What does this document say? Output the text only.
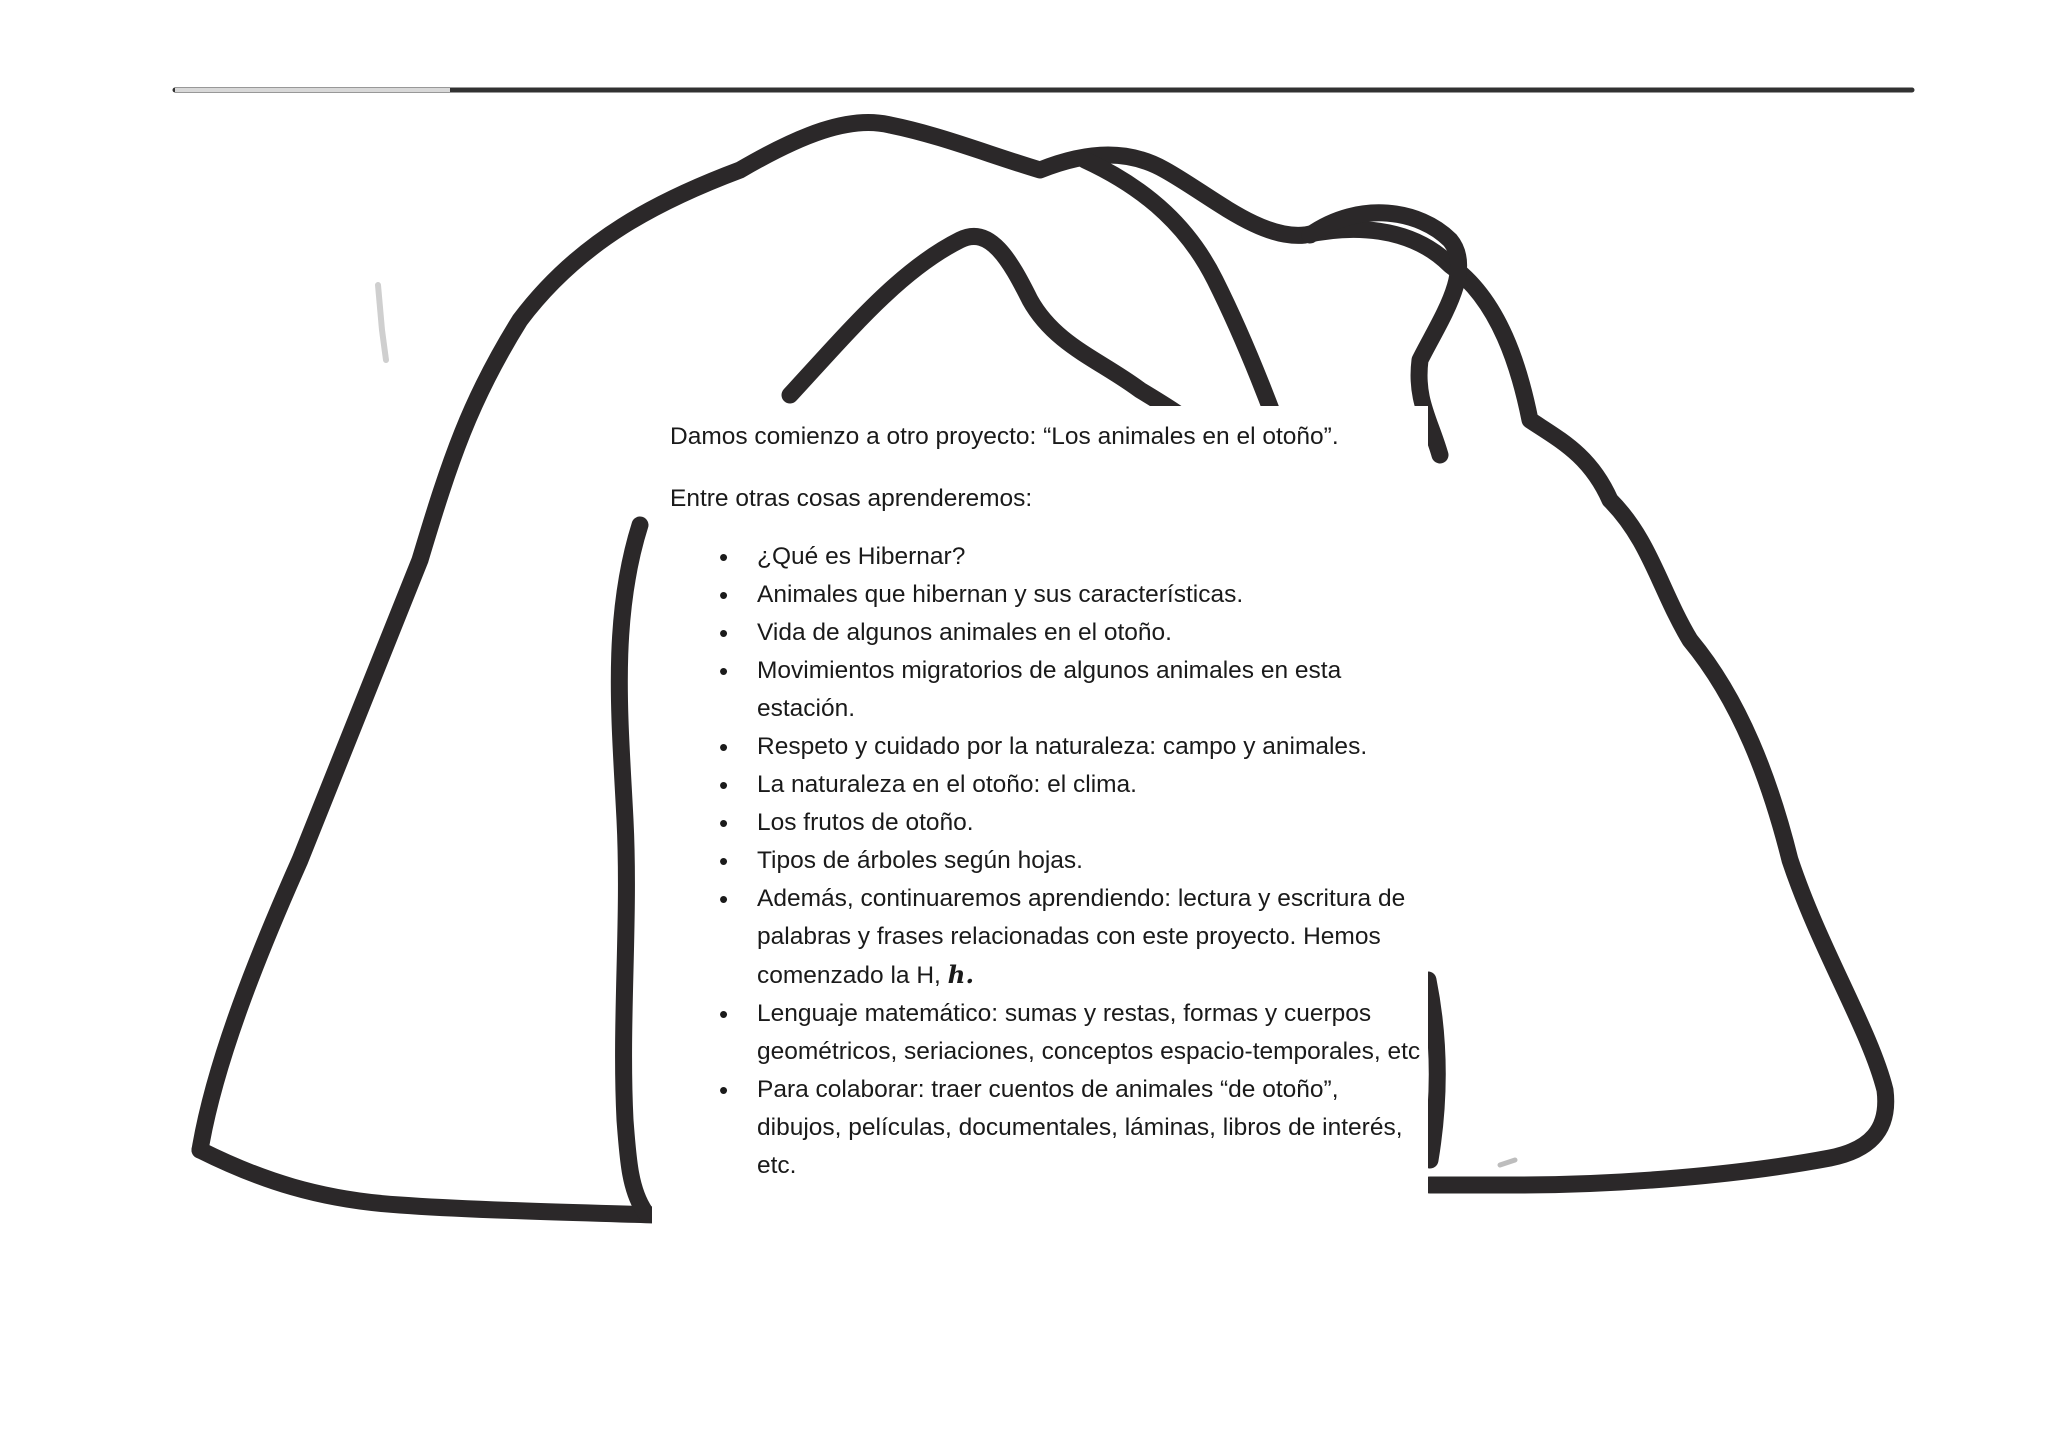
Damos comienzo a otro proyecto: “Los animales en el otoño”.

Entre otras cosas aprenderemos:

• ¿Qué es Hibernar?
• Animales que hibernan y sus características.
• Vida de algunos animales en el otoño.
• Movimientos migratorios de algunos animales en esta estación.
• Respeto y cuidado por la naturaleza: campo y animales.
• La naturaleza en el otoño: el clima.
• Los frutos de otoño.
• Tipos de árboles según hojas.
• Además, continuaremos aprendiendo: lectura y escritura de palabras y frases relacionadas con este proyecto. Hemos comenzado la H, h.
• Lenguaje matemático: sumas y restas, formas y cuerpos geométricos, seriaciones, conceptos espacio-temporales, etc
• Para colaborar: traer cuentos de animales “de otoño”, dibujos, películas, documentales, láminas, libros de interés, etc.
